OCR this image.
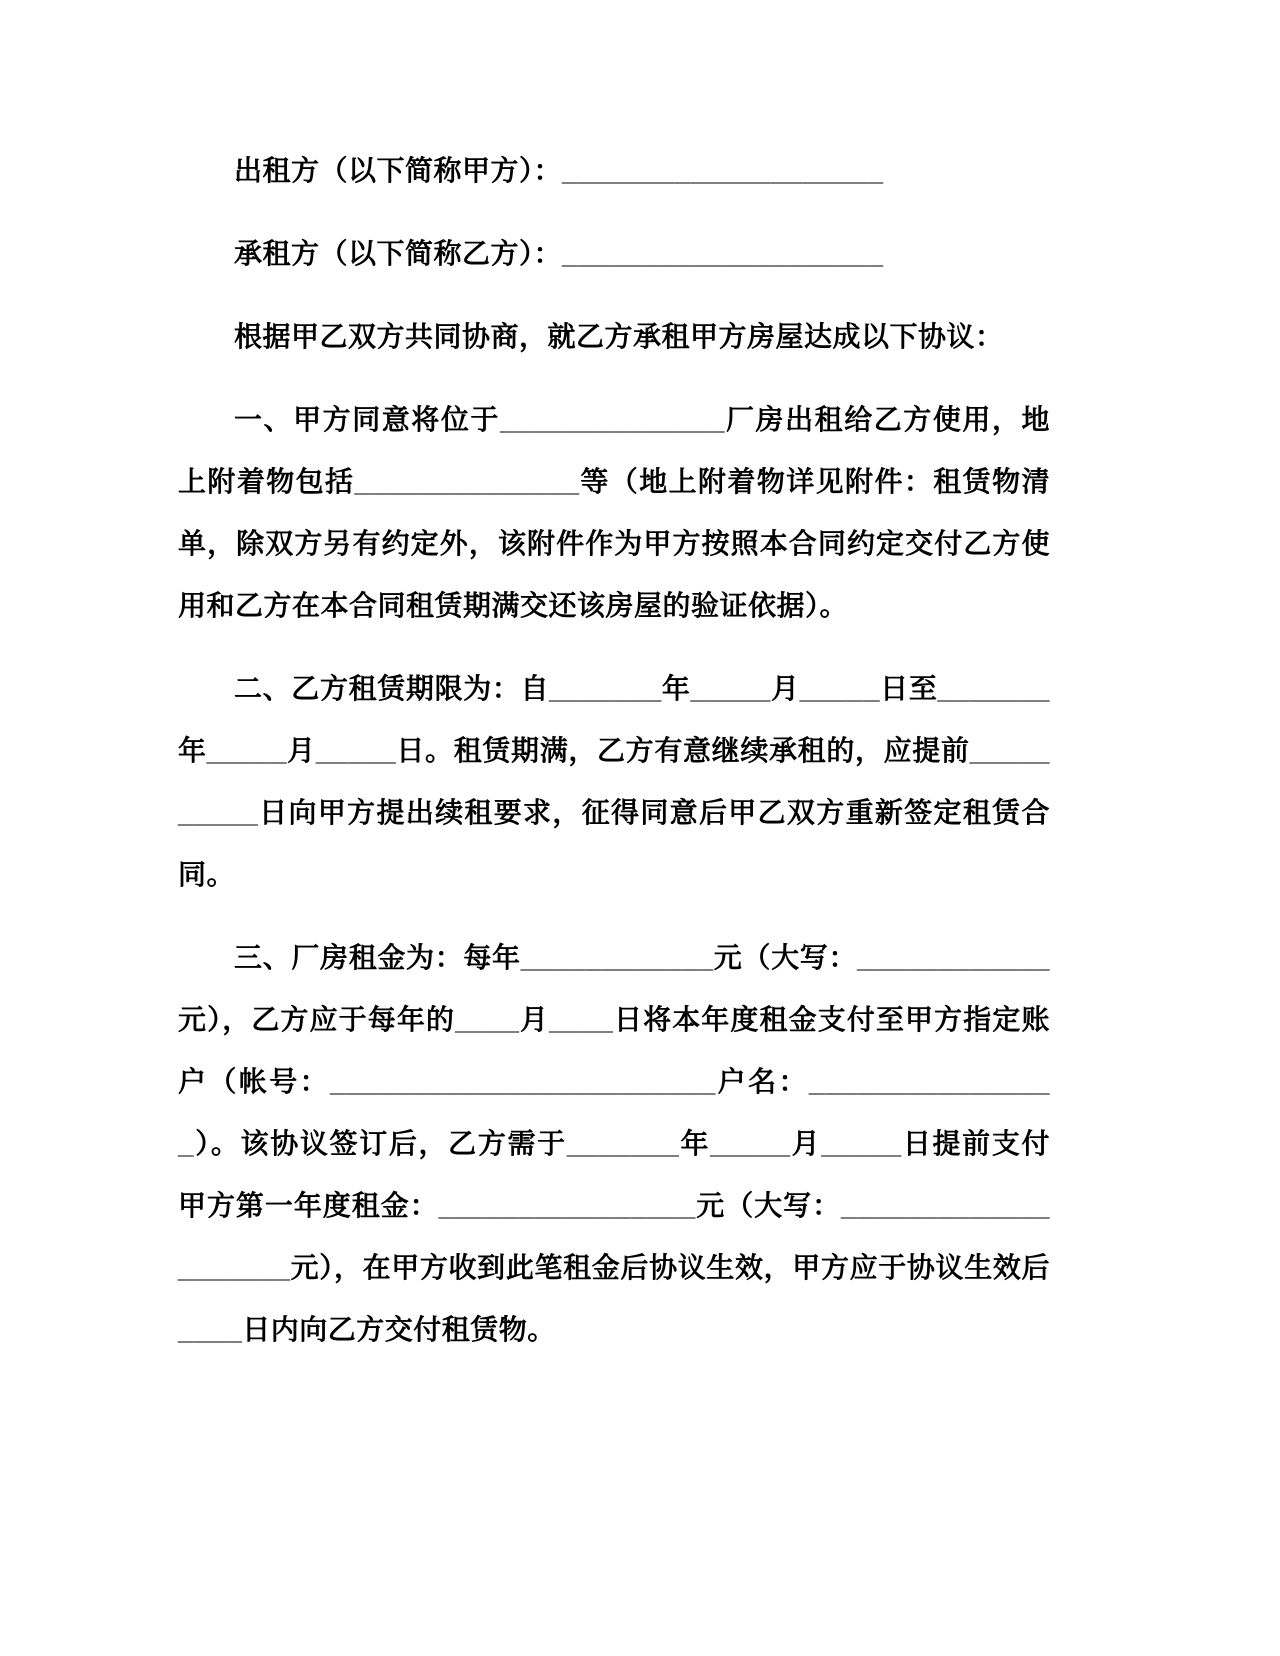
出租方（以下简称甲方）：____________________

承租方（以下简称乙方）：____________________

根据甲乙双方共同协商，就乙方承租甲方房屋达成以下协议：

一、甲方同意将位于______________厂房出租给乙方使用，地上附着物包括______________等（地上附着物详见附件：租赁物清单，除双方另有约定外，该附件作为甲方按照本合同约定交付乙方使用和乙方在本合同租赁期满交还该房屋的验证依据）。

二、乙方租赁期限为：自_______年_____月_____日至_______年_____月_____日。租赁期满，乙方有意继续承租的，应提前__________日向甲方提出续租要求，征得同意后甲乙双方重新签定租赁合同。

三、厂房租金为：每年____________元（大写：____________元），乙方应于每年的____月____日将本年度租金支付至甲方指定账户（帐号：________________________户名：________________）。该协议签订后，乙方需于_______年_____月_____日提前支付甲方第一年度租金：________________元（大写：____________________元），在甲方收到此笔租金后协议生效，甲方应于协议生效后____日内向乙方交付租赁物。
